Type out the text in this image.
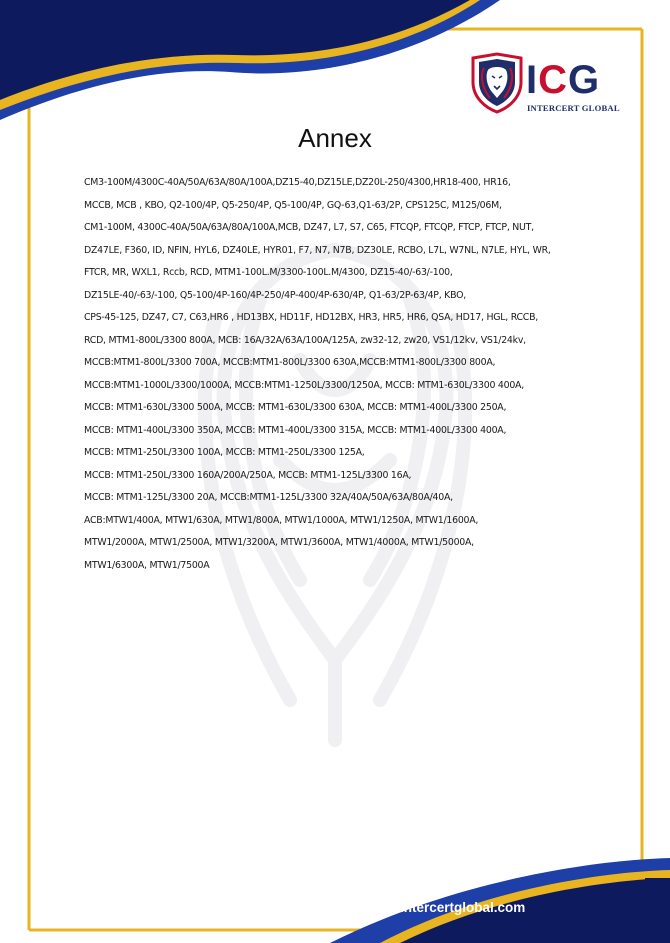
ICG
INTERCERT GLOBAL
Annex
CM3-100M/4300C-40A/50A/63A/80A/100A,DZ15-40,DZ15LE,DZ20L-250/4300,HR18-400, HR16,
MCCB, MCB , KBO, Q2-100/4P, Q5-250/4P, Q5-100/4P, GQ-63,Q1-63/2P, CPS125C, M125/06M,
CM1-100M, 4300C-40A/50A/63A/80A/100A,MCB, DZ47, L7, S7, C65, FTCQP, FTCQP, FTCP, FTCP, NUT,
DZ47LE, F360, ID, NFIN, HYL6, DZ40LE, HYR01, F7, N7, N7B, DZ30LE, RCBO, L7L, W7NL, N7LE, HYL, WR,
FTCR, MR, WXL1, Rccb, RCD, MTM1-100L.M/3300-100L.M/4300, DZ15-40/-63/-100,
DZ15LE-40/-63/-100, Q5-100/4P-160/4P-250/4P-400/4P-630/4P, Q1-63/2P-63/4P, KBO,
CPS-45-125, DZ47, C7, C63,HR6 , HD13BX, HD11F, HD12BX, HR3, HR5, HR6, QSA, HD17, HGL, RCCB,
RCD, MTM1-800L/3300 800A, MCB: 16A/32A/63A/100A/125A, zw32-12, zw20, VS1/12kv, VS1/24kv,
MCCB:MTM1-800L/3300 700A, MCCB:MTM1-800L/3300 630A,MCCB:MTM1-800L/3300 800A,
MCCB:MTM1-1000L/3300/1000A, MCCB:MTM1-1250L/3300/1250A, MCCB: MTM1-630L/3300 400A,
MCCB: MTM1-630L/3300 500A, MCCB: MTM1-630L/3300 630A, MCCB: MTM1-400L/3300 250A,
MCCB: MTM1-400L/3300 350A, MCCB: MTM1-400L/3300 315A, MCCB: MTM1-400L/3300 400A,
MCCB: MTM1-250L/3300 100A, MCCB: MTM1-250L/3300 125A,
MCCB: MTM1-250L/3300 160A/200A/250A, MCCB: MTM1-125L/3300 16A,
MCCB: MTM1-125L/3300 20A, MCCB:MTM1-125L/3300 32A/40A/50A/63A/80A/40A,
ACB:MTW1/400A, MTW1/630A, MTW1/800A, MTW1/1000A, MTW1/1250A, MTW1/1600A,
MTW1/2000A, MTW1/2500A, MTW1/3200A, MTW1/3600A, MTW1/4000A, MTW1/5000A,
MTW1/6300A, MTW1/7500A
intercertglobal.com
